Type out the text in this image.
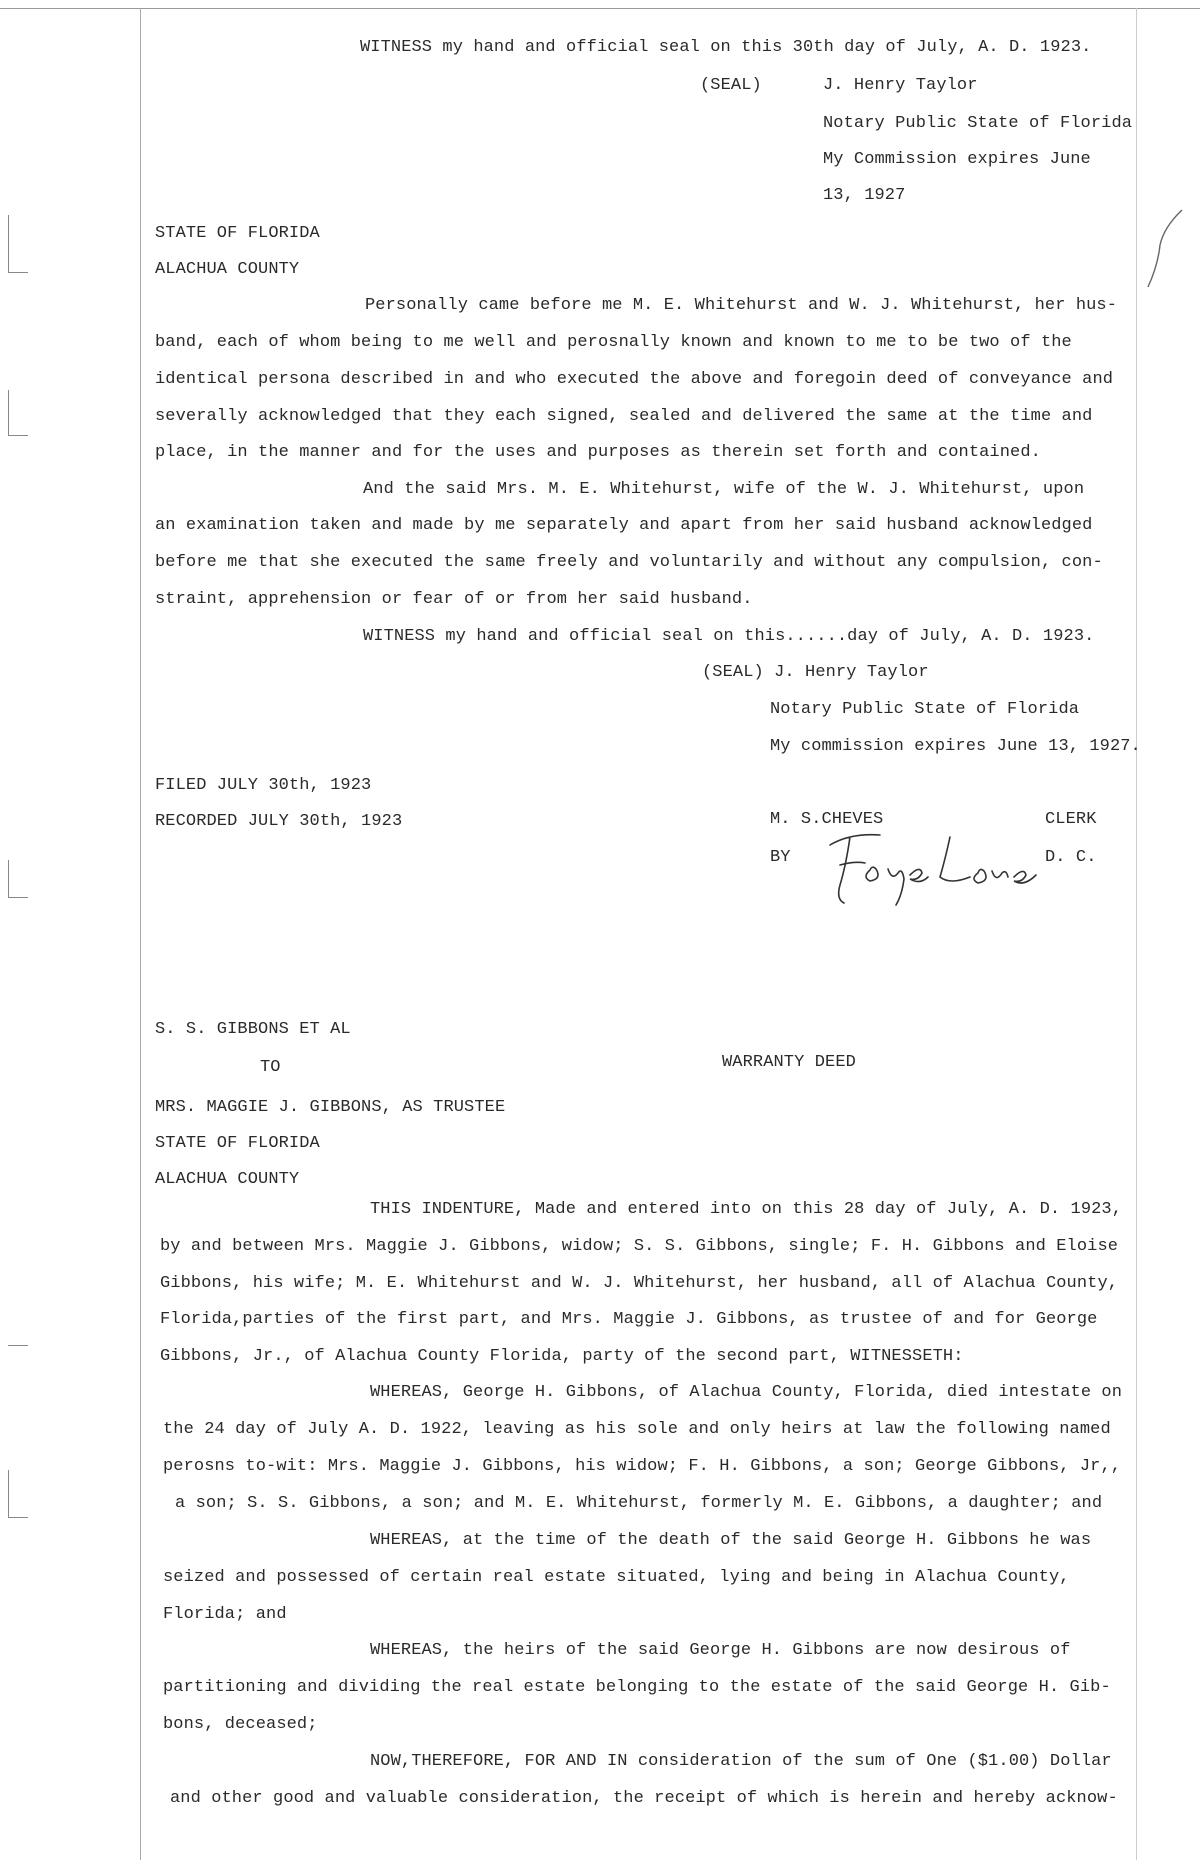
WITNESS my hand and official seal on this 30th day of July, A. D. 1923.
(SEAL)	J. Henry Taylor
Notary Public State of Florida
My Commission expires June
13, 1927
STATE OF FLORIDA
ALACHUA COUNTY
Personally came before me M. E. Whitehurst and W. J. Whitehurst, her hus-
band, each of whom being to me well and perosnally known and known to me to be two of the
identical persona described in and who executed the above and foregoin deed of conveyance and
severally acknowledged that they each signed, sealed and delivered the same at the time and
place, in the manner and for the uses and purposes as therein set forth and contained.
And the said Mrs. M. E. Whitehurst, wife of the W. J. Whitehurst, upon
an examination taken and made by me separately and apart from her said husband acknowledged
before me that she executed the same freely and voluntarily and without any compulsion, con-
straint, apprehension or fear of or from her said husband.
WITNESS my hand and official seal on this......day of July, A. D. 1923.
(SEAL) J. Henry Taylor
Notary Public State of Florida
My commission expires June 13, 1927.
FILED JULY 30th, 1923
RECORDED JULY 30th, 1923	M. S.CHEVES	CLERK
BY	D. C.
S. S. GIBBONS ET AL
TO	WARRANTY DEED
MRS. MAGGIE J. GIBBONS, AS TRUSTEE
STATE OF FLORIDA
ALACHUA COUNTY
THIS INDENTURE, Made and entered into on this 28 day of July, A. D. 1923,
by and between Mrs. Maggie J. Gibbons, widow; S. S. Gibbons, single; F. H. Gibbons and Eloise
Gibbons, his wife; M. E. Whitehurst and W. J. Whitehurst, her husband, all of Alachua County,
Florida,parties of the first part, and Mrs. Maggie J. Gibbons, as trustee of and for George
Gibbons, Jr., of Alachua County Florida, party of the second part, WITNESSETH:
WHEREAS, George H. Gibbons, of Alachua County, Florida, died intestate on
the 24 day of July A. D. 1922, leaving as his sole and only heirs at law the following named
perosns to-wit: Mrs. Maggie J. Gibbons, his widow; F. H. Gibbons, a son; George Gibbons, Jr,,
a son; S. S. Gibbons, a son; and M. E. Whitehurst, formerly M. E. Gibbons, a daughter; and
WHEREAS, at the time of the death of the said George H. Gibbons he was
seized and possessed of certain real estate situated, lying and being in Alachua County,
Florida; and
WHEREAS, the heirs of the said George H. Gibbons are now desirous of
partitioning and dividing the real estate belonging to the estate of the said George H. Gib-
bons, deceased;
NOW,THEREFORE, FOR AND IN consideration of the sum of One ($1.00) Dollar
and other good and valuable consideration, the receipt of which is herein and hereby acknow-
